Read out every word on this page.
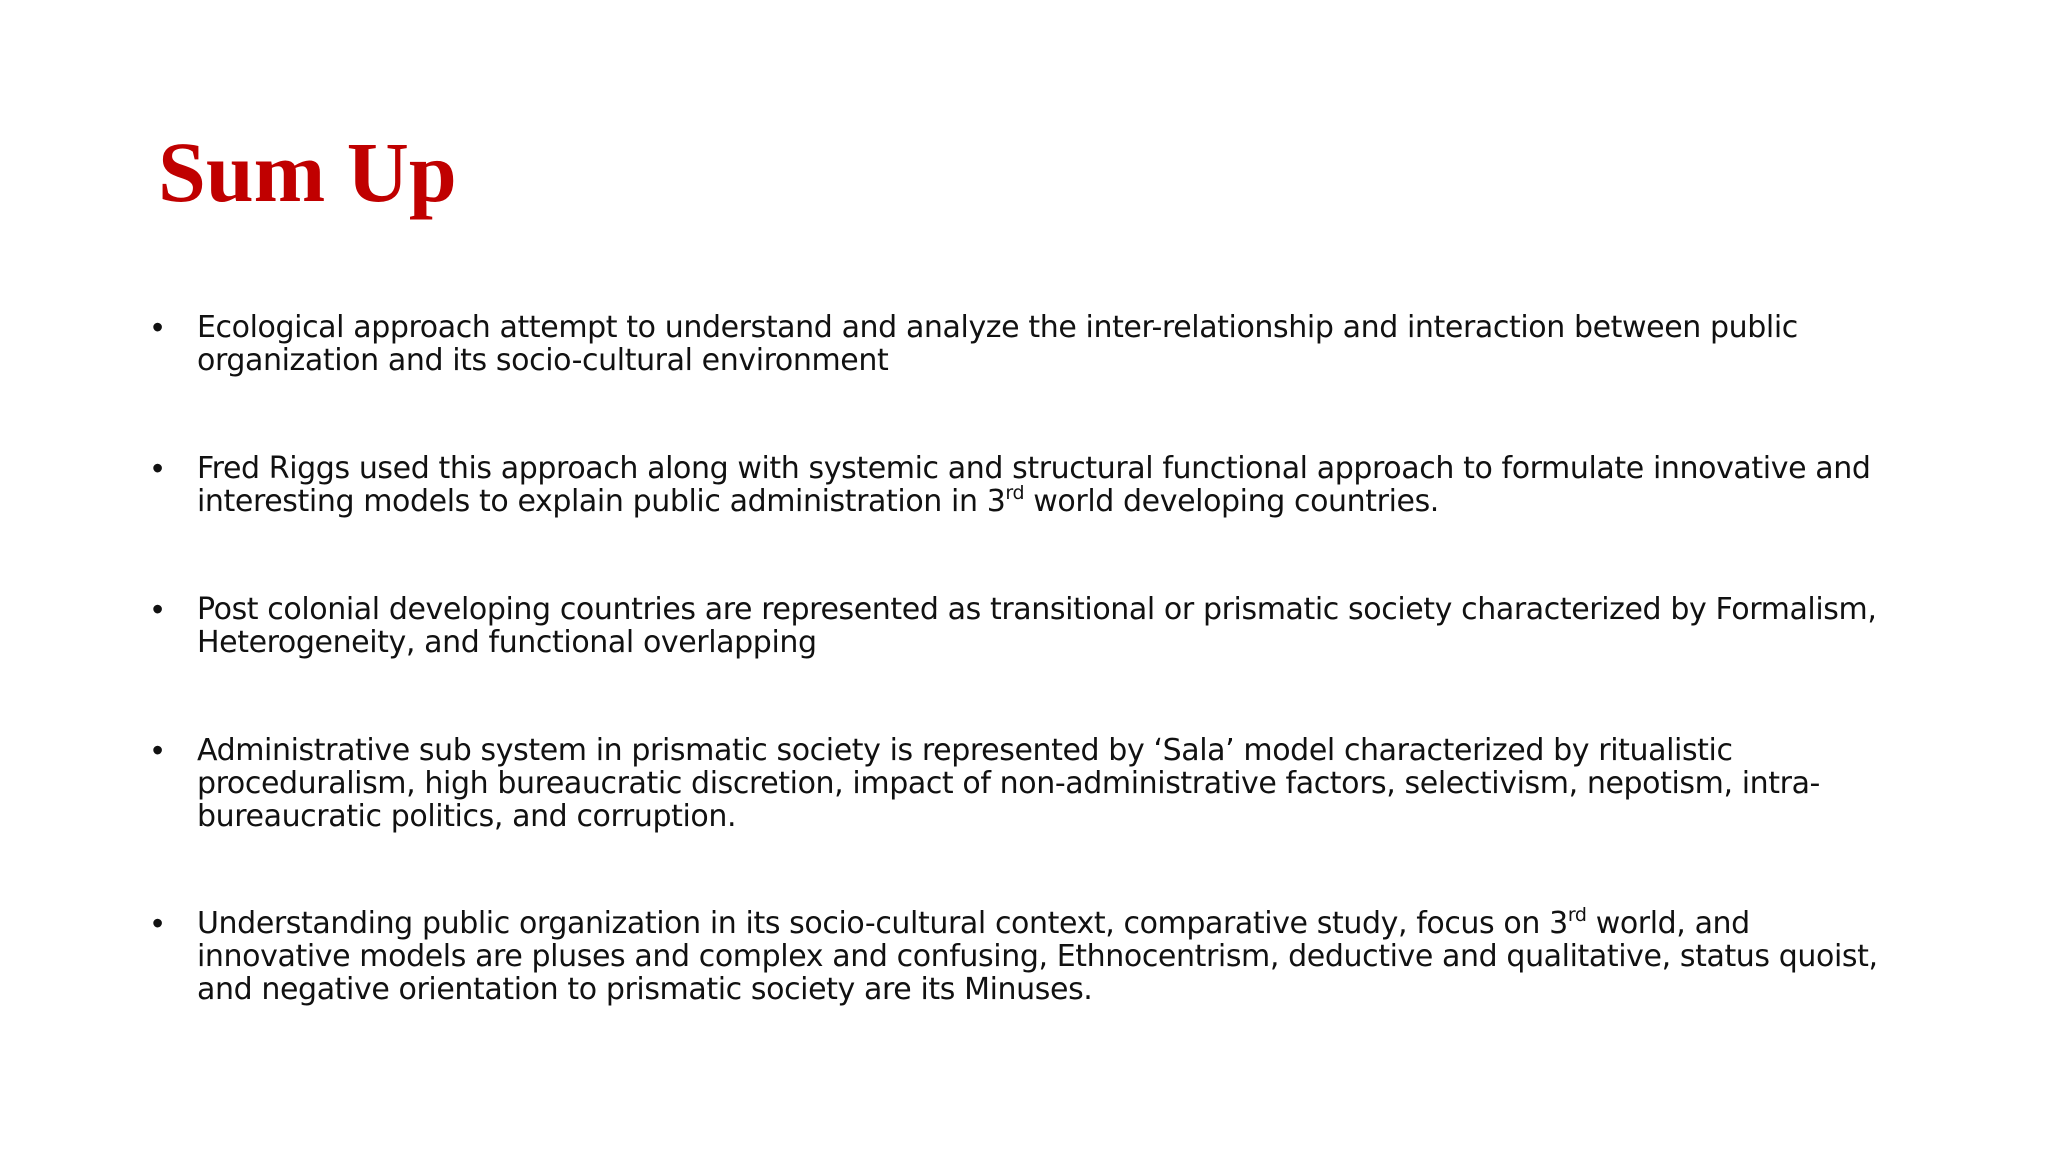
Sum Up
•	Ecological approach attempt to understand and analyze the inter-relationship and interaction between public organization and its socio-cultural environment
•	Fred Riggs used this approach along with systemic and structural functional approach to formulate innovative and interesting models to explain public administration in 3rd world developing countries.
•	Post colonial developing countries are represented as transitional or prismatic society characterized by Formalism, Heterogeneity, and functional overlapping
•	Administrative sub system in prismatic society is represented by ‘Sala’ model characterized by ritualistic proceduralism, high bureaucratic discretion, impact of non-administrative factors, selectivism, nepotism, intra-bureaucratic politics, and corruption.
•	Understanding public organization in its socio-cultural context, comparative study, focus on 3rd world, and innovative models are pluses and complex and confusing, Ethnocentrism, deductive and qualitative, status quoist, and negative orientation to prismatic society are its Minuses.
